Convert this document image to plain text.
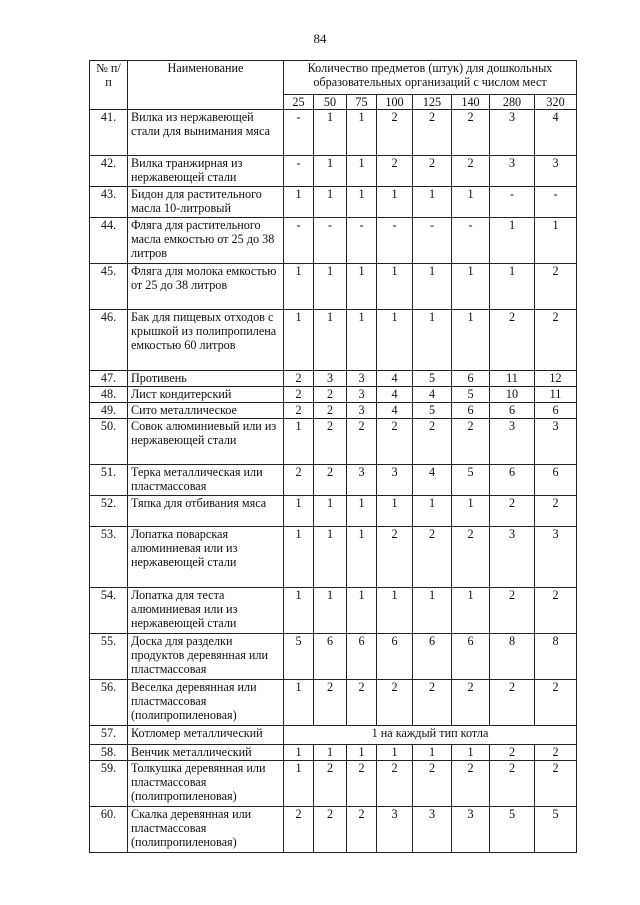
84
№ п/п	Наименование	Количество предметов (штук) для дошкольных образовательных организаций с числом мест							
		25	50	75	100	125	140	280	320
41.	Вилка из нержавеющей стали для вынимания мяса	-	1	1	2	2	2	3	4
42.	Вилка транжирная из нержавеющей стали	-	1	1	2	2	2	3	3
43.	Бидон для растительного масла 10-литровый	1	1	1	1	1	1	-	-
44.	Фляга для растительного масла емкостью от 25 до 38 литров	-	-	-	-	-	-	1	1
45.	Фляга для молока емкостью от 25 до 38 литров	1	1	1	1	1	1	1	2
46.	Бак для пищевых отходов с крышкой из полипропилена емкостью 60 литров	1	1	1	1	1	1	2	2
47.	Противень	2	3	3	4	5	6	11	12
48.	Лист кондитерский	2	2	3	4	4	5	10	11
49.	Сито металлическое	2	2	3	4	5	6	6	6
50.	Совок алюминиевый или из нержавеющей стали	1	2	2	2	2	2	3	3
51.	Терка металлическая или пластмассовая	2	2	3	3	4	5	6	6
52.	Тяпка для отбивания мяса	1	1	1	1	1	1	2	2
53.	Лопатка поварская алюминиевая или из нержавеющей стали	1	1	1	2	2	2	3	3
54.	Лопатка для теста алюминиевая или из нержавеющей стали	1	1	1	1	1	1	2	2
55.	Доска для разделки продуктов деревянная или пластмассовая	5	6	6	6	6	6	8	8
56.	Веселка деревянная или пластмассовая (полипропиленовая)	1	2	2	2	2	2	2	2
57.	Котломер металлический	1 на каждый тип котла							
58.	Венчик металлический	1	1	1	1	1	1	2	2
59.	Толкушка деревянная или пластмассовая (полипропиленовая)	1	2	2	2	2	2	2	2
60.	Скалка деревянная или пластмассовая (полипропиленовая)	2	2	2	3	3	3	5	5
